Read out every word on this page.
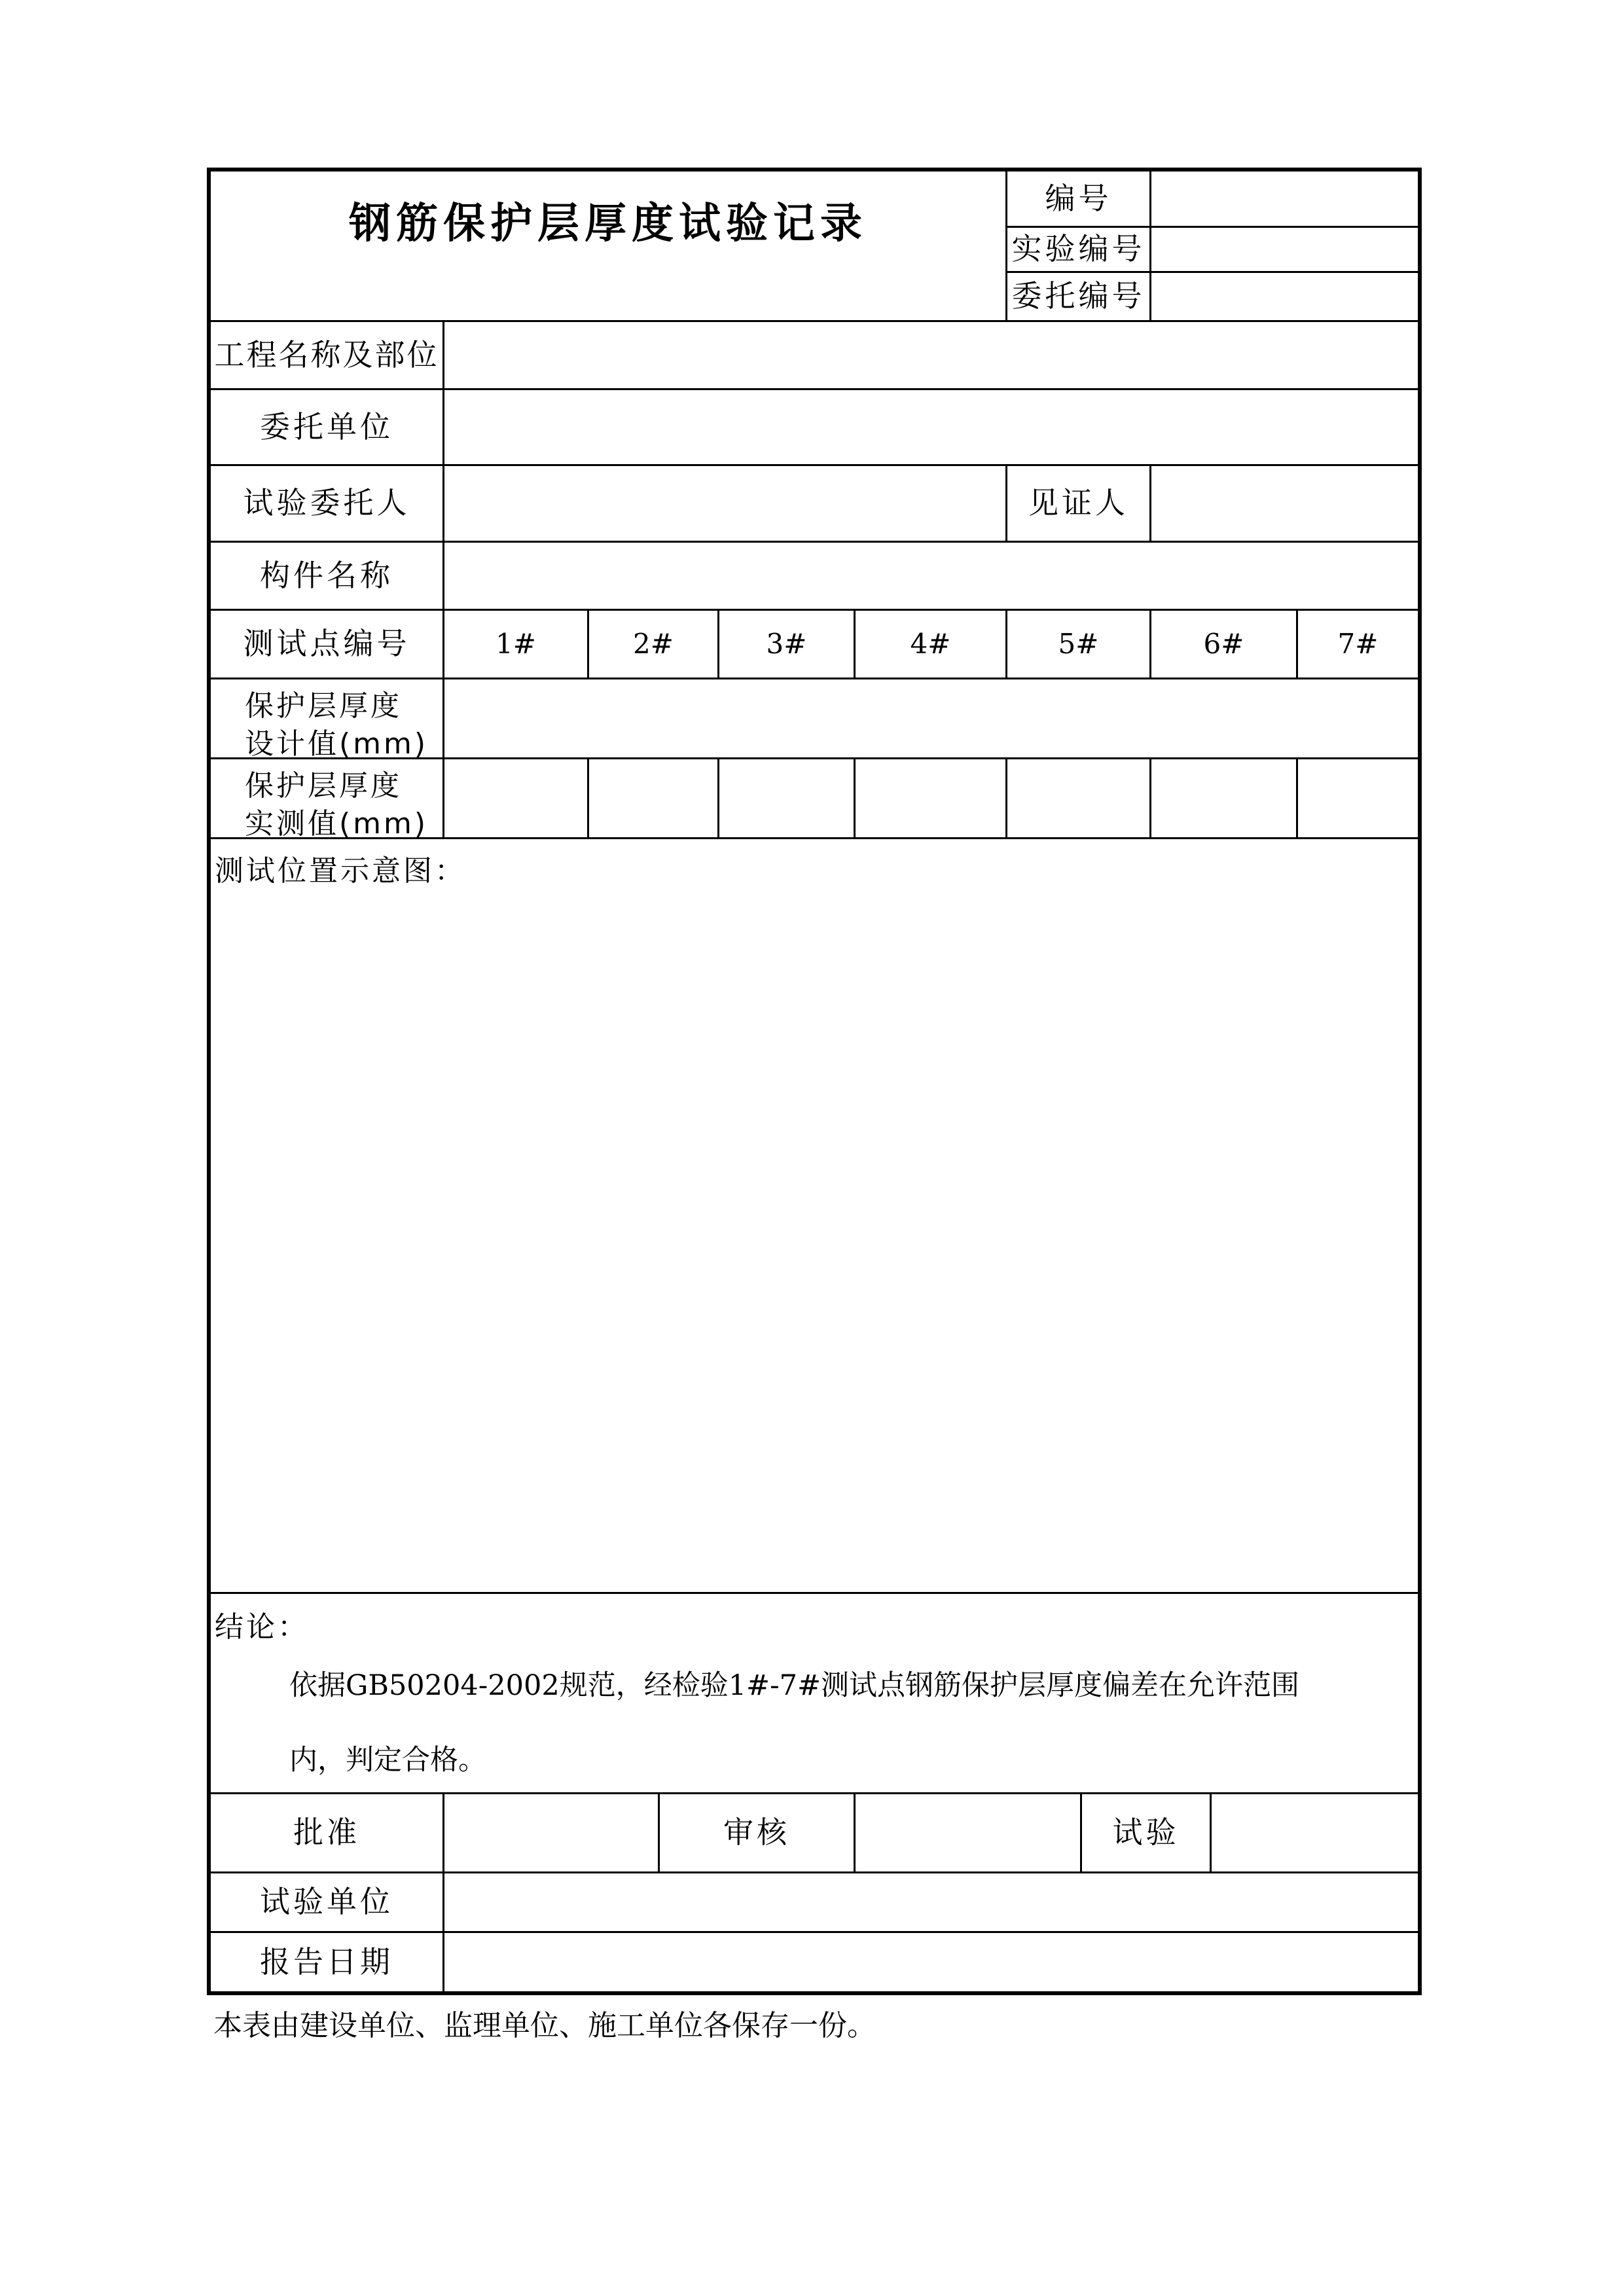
钢筋保护层厚度试验记录
编号
实验编号
委托编号
工程名称及部位
委托单位
试验委托人	见证人
构件名称
测试点编号	1#	2#	3#	4#	5#	6#	7#
保护层厚度
设计值(mm)
保护层厚度
实测值(mm)
测试位置示意图：
结论：
依据GB50204-2002规范，经检验1#-7#测试点钢筋保护层厚度偏差在允许范围
内，判定合格。
批准	审核	试验
试验单位
报告日期
本表由建设单位、监理单位、施工单位各保存一份。
